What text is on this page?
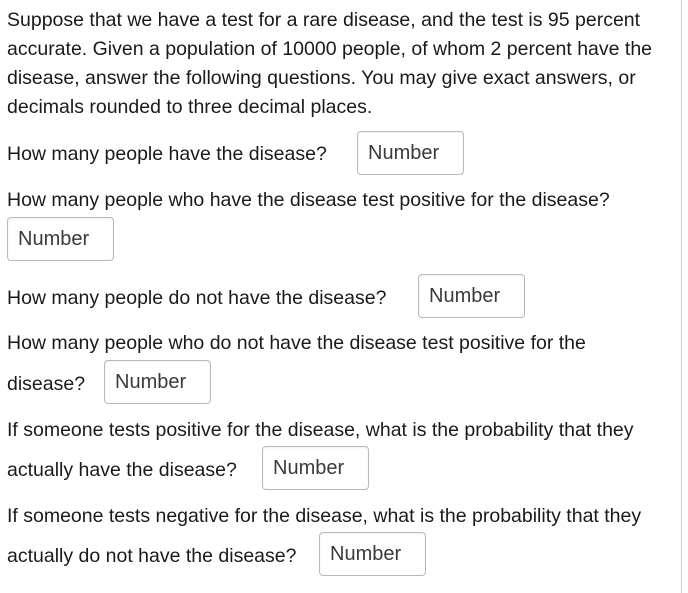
Suppose that we have a test for a rare disease, and the test is 95 percent
accurate. Given a population of 10000 people, of whom 2 percent have the
disease, answer the following questions. You may give exact answers, or
decimals rounded to three decimal places.
How many people have the disease?
Number
How many people who have the disease test positive for the disease?
Number
How many people do not have the disease?
Number
How many people who do not have the disease test positive for the
disease?
Number
If someone tests positive for the disease, what is the probability that they
actually have the disease?
Number
If someone tests negative for the disease, what is the probability that they
actually do not have the disease?
Number
